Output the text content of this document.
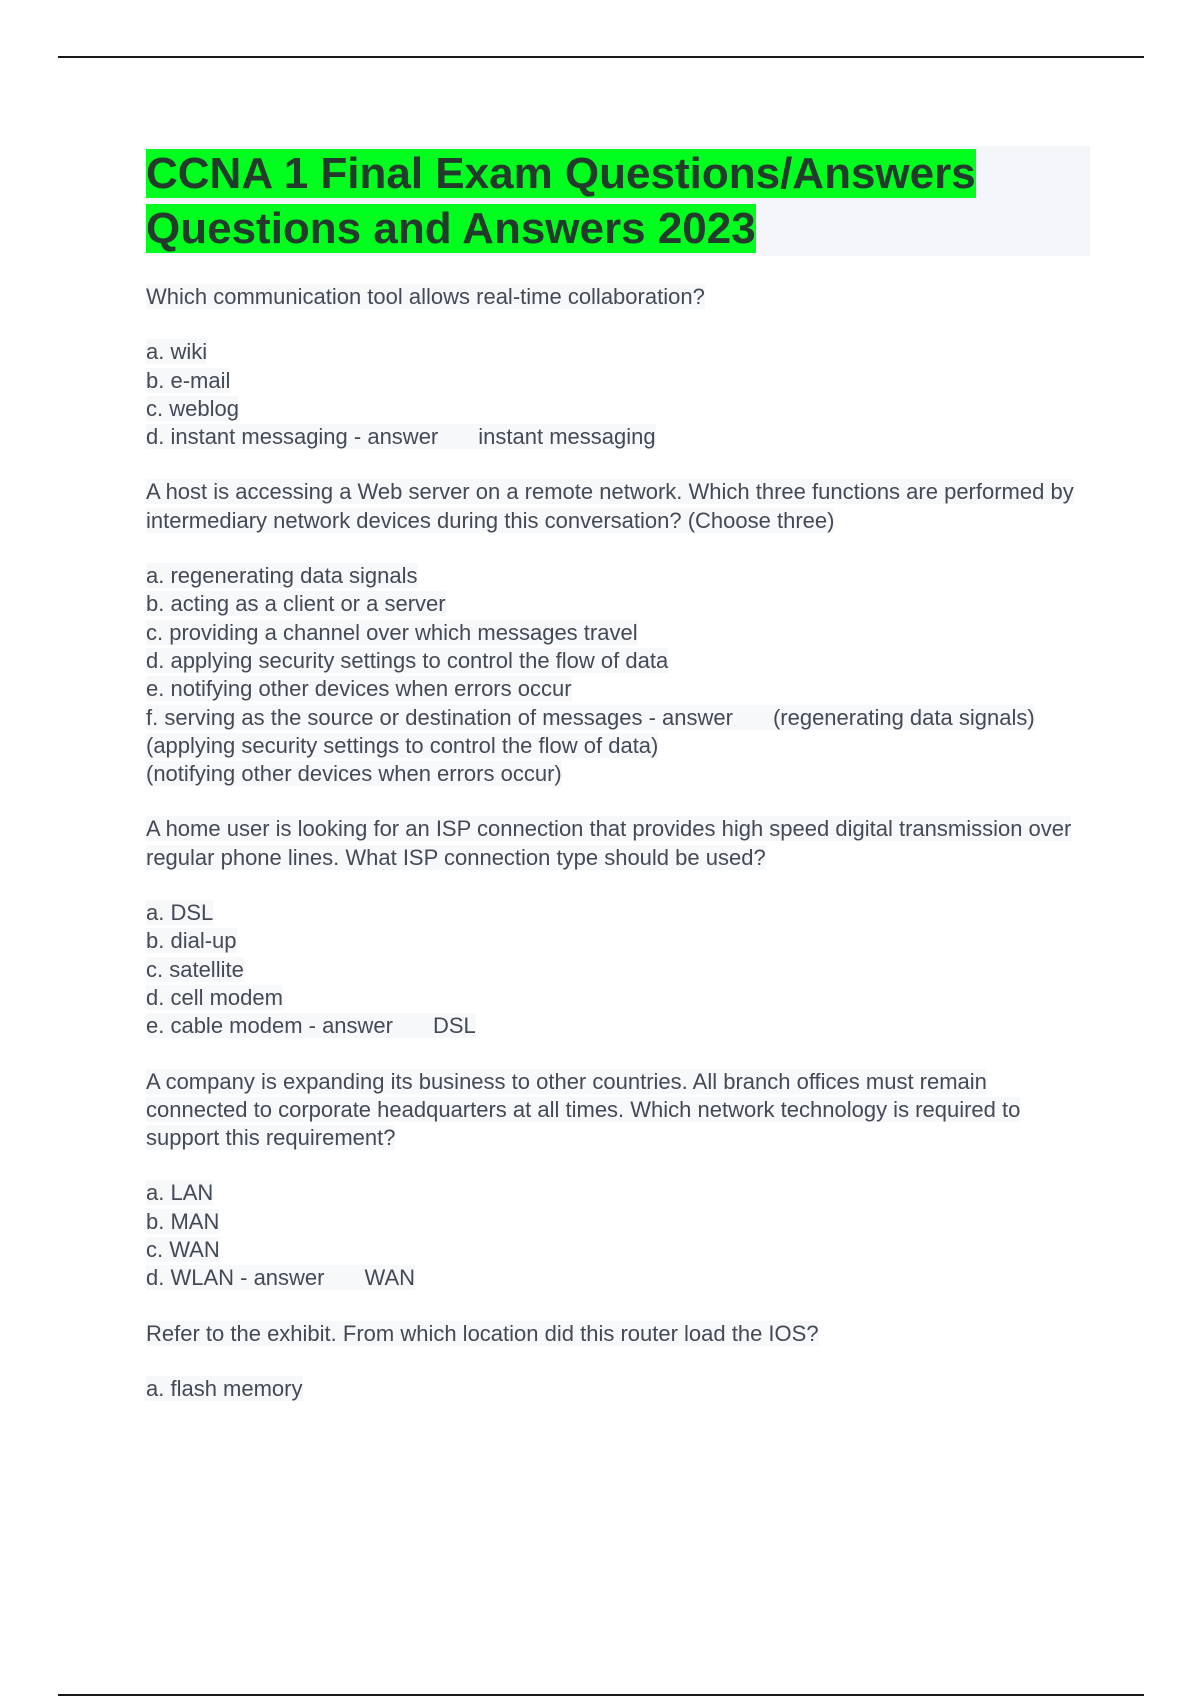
CCNA 1 Final Exam Questions/Answers
Questions and Answers 2023
Which communication tool allows real-time collaboration?
a. wiki
b. e-mail
c. weblog
d. instant messaging - answer instant messaging
A host is accessing a Web server on a remote network. Which three functions are performed by intermediary network devices during this conversation? (Choose three)
a. regenerating data signals
b. acting as a client or a server
c. providing a channel over which messages travel
d. applying security settings to control the flow of data
e. notifying other devices when errors occur
f. serving as the source or destination of messages - answer (regenerating data signals)
(applying security settings to control the flow of data)
(notifying other devices when errors occur)
A home user is looking for an ISP connection that provides high speed digital transmission over regular phone lines. What ISP connection type should be used?
a. DSL
b. dial-up
c. satellite
d. cell modem
e. cable modem - answer DSL
A company is expanding its business to other countries. All branch offices must remain connected to corporate headquarters at all times. Which network technology is required to support this requirement?
a. LAN
b. MAN
c. WAN
d. WLAN - answer WAN
Refer to the exhibit. From which location did this router load the IOS?
a. flash memory
